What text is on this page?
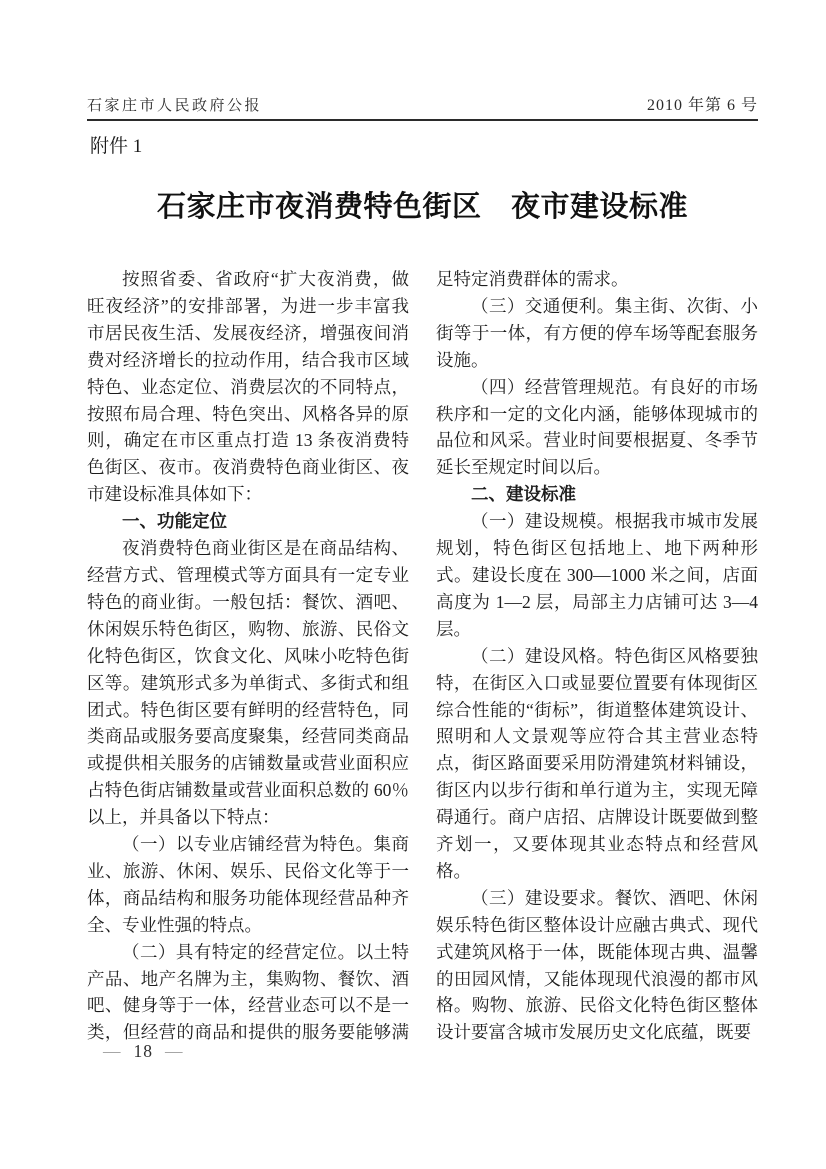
石家庄市人民政府公报	2010 年第 6 号
附件 1
石家庄市夜消费特色街区　夜市建设标准

按照省委、省政府“扩大夜消费，做旺夜经济”的安排部署，为进一步丰富我市居民夜生活、发展夜经济，增强夜间消费对经济增长的拉动作用，结合我市区域特色、业态定位、消费层次的不同特点，按照布局合理、特色突出、风格各异的原则，确定在市区重点打造 13 条夜消费特色街区、夜市。夜消费特色商业街区、夜市建设标准具体如下：

一、功能定位

夜消费特色商业街区是在商品结构、经营方式、管理模式等方面具有一定专业特色的商业街。一般包括：餐饮、酒吧、休闲娱乐特色街区，购物、旅游、民俗文化特色街区，饮食文化、风味小吃特色街区等。建筑形式多为单街式、多街式和组团式。特色街区要有鲜明的经营特色，同类商品或服务要高度聚集，经营同类商品或提供相关服务的店铺数量或营业面积应占特色街店铺数量或营业面积总数的 60％以上，并具备以下特点：

（一）以专业店铺经营为特色。集商业、旅游、休闲、娱乐、民俗文化等于一体，商品结构和服务功能体现经营品种齐全、专业性强的特点。

（二）具有特定的经营定位。以土特产品、地产名牌为主，集购物、餐饮、酒吧、健身等于一体，经营业态可以不是一类，但经营的商品和提供的服务要能够满足特定消费群体的需求。

（三）交通便利。集主街、次街、小街等于一体，有方便的停车场等配套服务设施。

（四）经营管理规范。有良好的市场秩序和一定的文化内涵，能够体现城市的品位和风采。营业时间要根据夏、冬季节延长至规定时间以后。

二、建设标准

（一）建设规模。根据我市城市发展规划，特色街区包括地上、地下两种形式。建设长度在 300—1000 米之间，店面高度为 1—2 层，局部主力店铺可达 3—4 层。

（二）建设风格。特色街区风格要独特，在街区入口或显要位置要有体现街区综合性能的“街标”，街道整体建筑设计、照明和人文景观等应符合其主营业态特点，街区路面要采用防滑建筑材料铺设，街区内以步行街和单行道为主，实现无障碍通行。商户店招、店牌设计既要做到整齐划一，又要体现其业态特点和经营风格。

（三）建设要求。餐饮、酒吧、休闲娱乐特色街区整体设计应融古典式、现代式建筑风格于一体，既能体现古典、温馨的田园风情，又能体现现代浪漫的都市风格。购物、旅游、民俗文化特色街区整体设计要富含城市发展历史文化底蕴，既要

— 18 —
